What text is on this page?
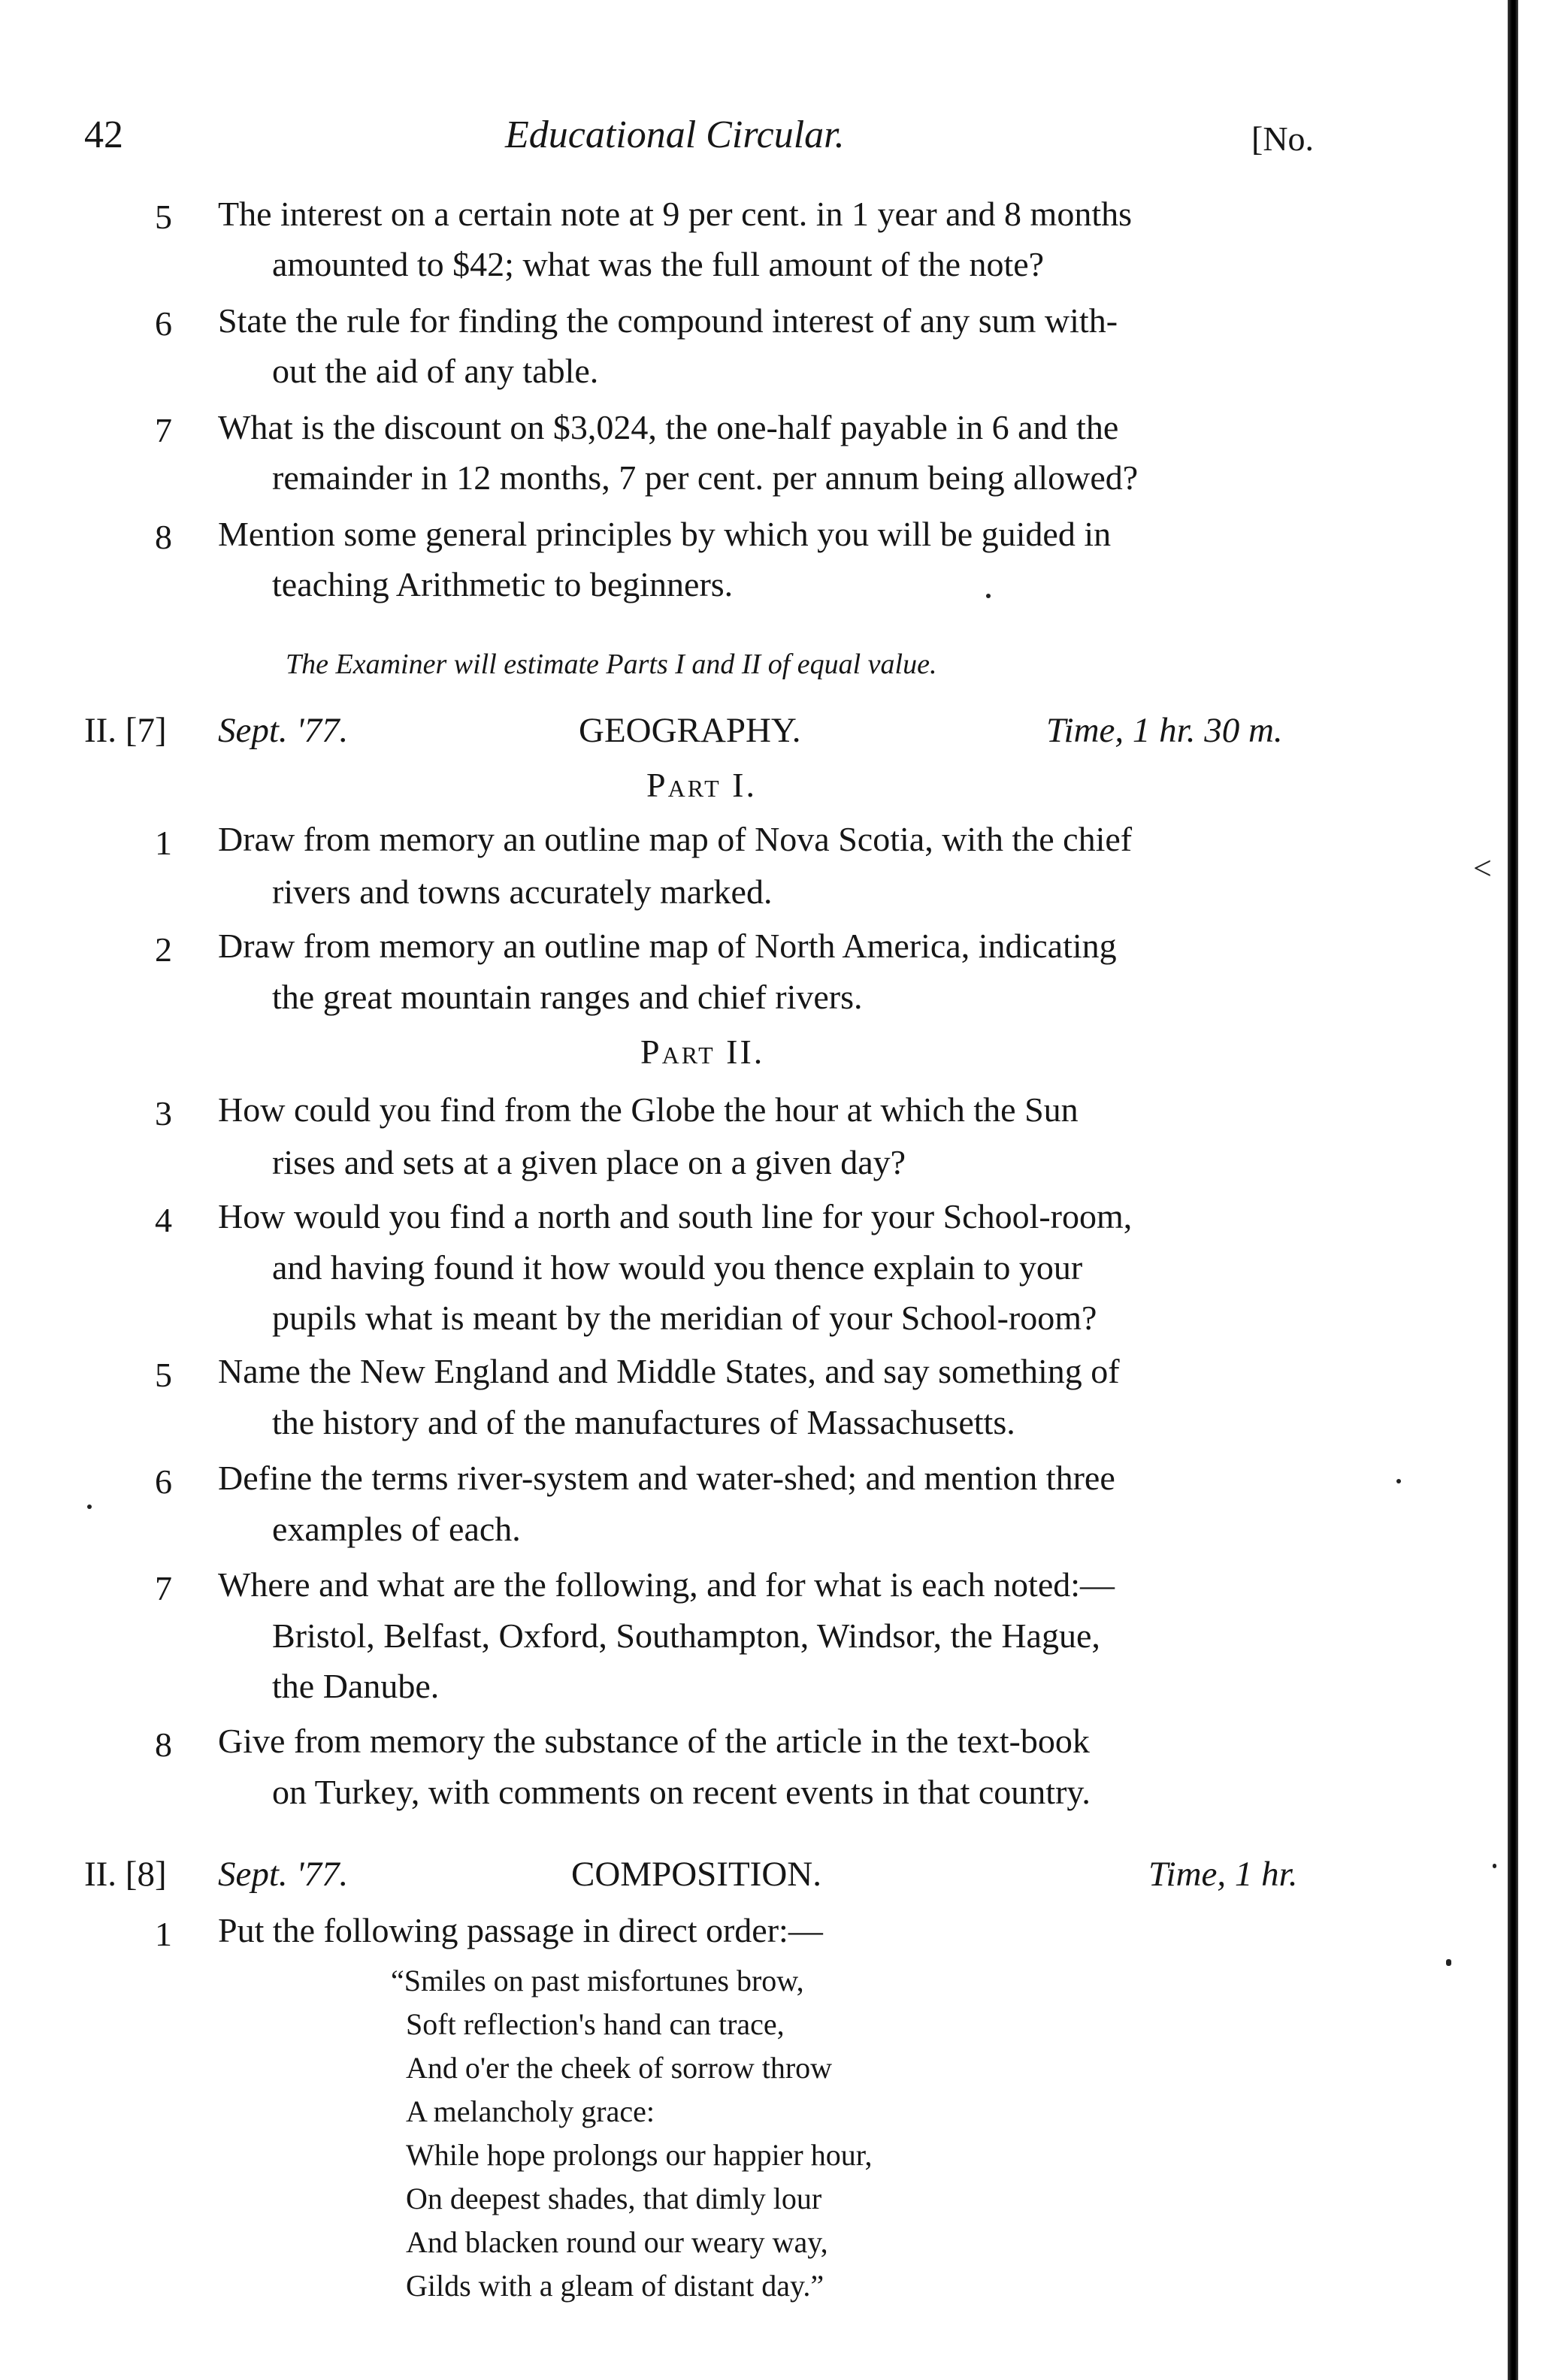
42	Educational Circular.	[No.
5 The interest on a certain note at 9 per cent. in 1 year and 8 months
amounted to $42; what was the full amount of the note?
6 State the rule for finding the compound interest of any sum with-
out the aid of any table.
7 What is the discount on $3,024, the one-half payable in 6 and the
remainder in 12 months, 7 per cent. per annum being allowed?
8 Mention some general principles by which you will be guided in
teaching Arithmetic to beginners.
The Examiner will estimate Parts I and II of equal value.
II. [7] Sept. '77.	GEOGRAPHY.	Time, 1 hr. 30 m.
Part I.
1 Draw from memory an outline map of Nova Scotia, with the chief
rivers and towns accurately marked.
2 Draw from memory an outline map of North America, indicating
the great mountain ranges and chief rivers.
Part II.
3 How could you find from the Globe the hour at which the Sun
rises and sets at a given place on a given day?
4 How would you find a north and south line for your School-room,
and having found it how would you thence explain to your
pupils what is meant by the meridian of your School-room?
5 Name the New England and Middle States, and say something of
the history and of the manufactures of Massachusetts.
6 Define the terms river-system and water-shed; and mention three
examples of each.
7 Where and what are the following, and for what is each noted:—
Bristol, Belfast, Oxford, Southampton, Windsor, the Hague,
the Danube.
8 Give from memory the substance of the article in the text-book
on Turkey, with comments on recent events in that country.
II. [8] Sept. '77.	COMPOSITION.	Time, 1 hr.
1 Put the following passage in direct order:—
“Smiles on past misfortunes brow,
Soft reflection's hand can trace,
And o'er the cheek of sorrow throw
A melancholy grace:
While hope prolongs our happier hour,
On deepest shades, that dimly lour
And blacken round our weary way,
Gilds with a gleam of distant day.”
<
